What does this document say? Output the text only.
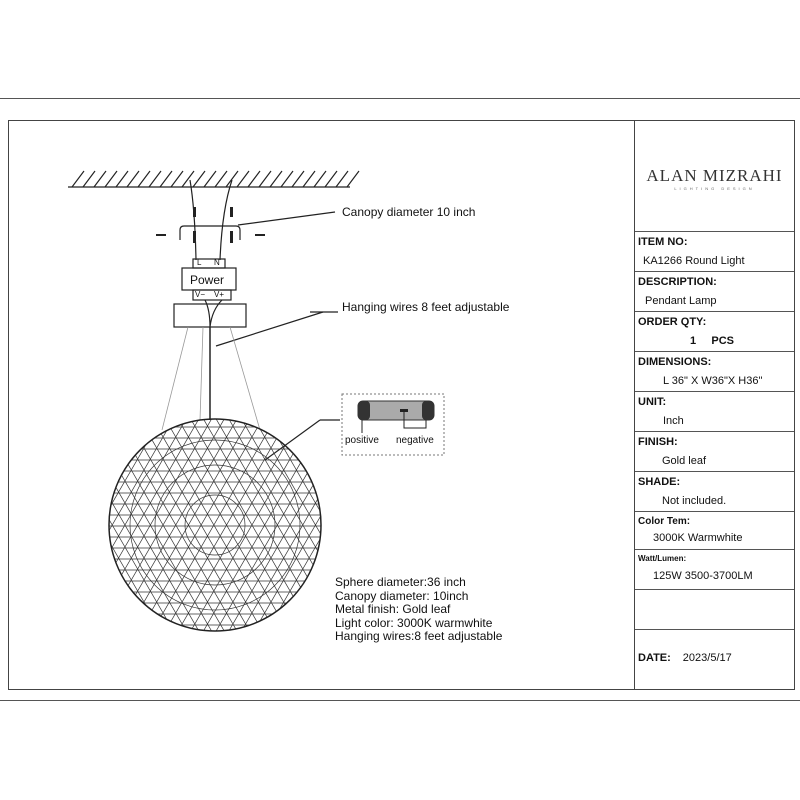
Canopy diameter 10 inch
Hanging wires 8 feet adjustable
Power
L N
V− V+
positive negative
Sphere diameter:36 inch
Canopy diameter: 10inch
Metal finish: Gold leaf
Light color: 3000K warmwhite
Hanging wires:8 feet adjustable
ALAN MIZRAHI
LIGHTING DESIGN
ITEM NO:
KA1266 Round Light
DESCRIPTION:
Pendant Lamp
ORDER QTY:
1     PCS
DIMENSIONS:
L 36" X W36"X H36"
UNIT:
Inch
FINISH:
Gold leaf
SHADE:
Not included.
Color Tem:
3000K Warmwhite
Watt/Lumen:
125W 3500-3700LM
DATE: 2023/5/17
